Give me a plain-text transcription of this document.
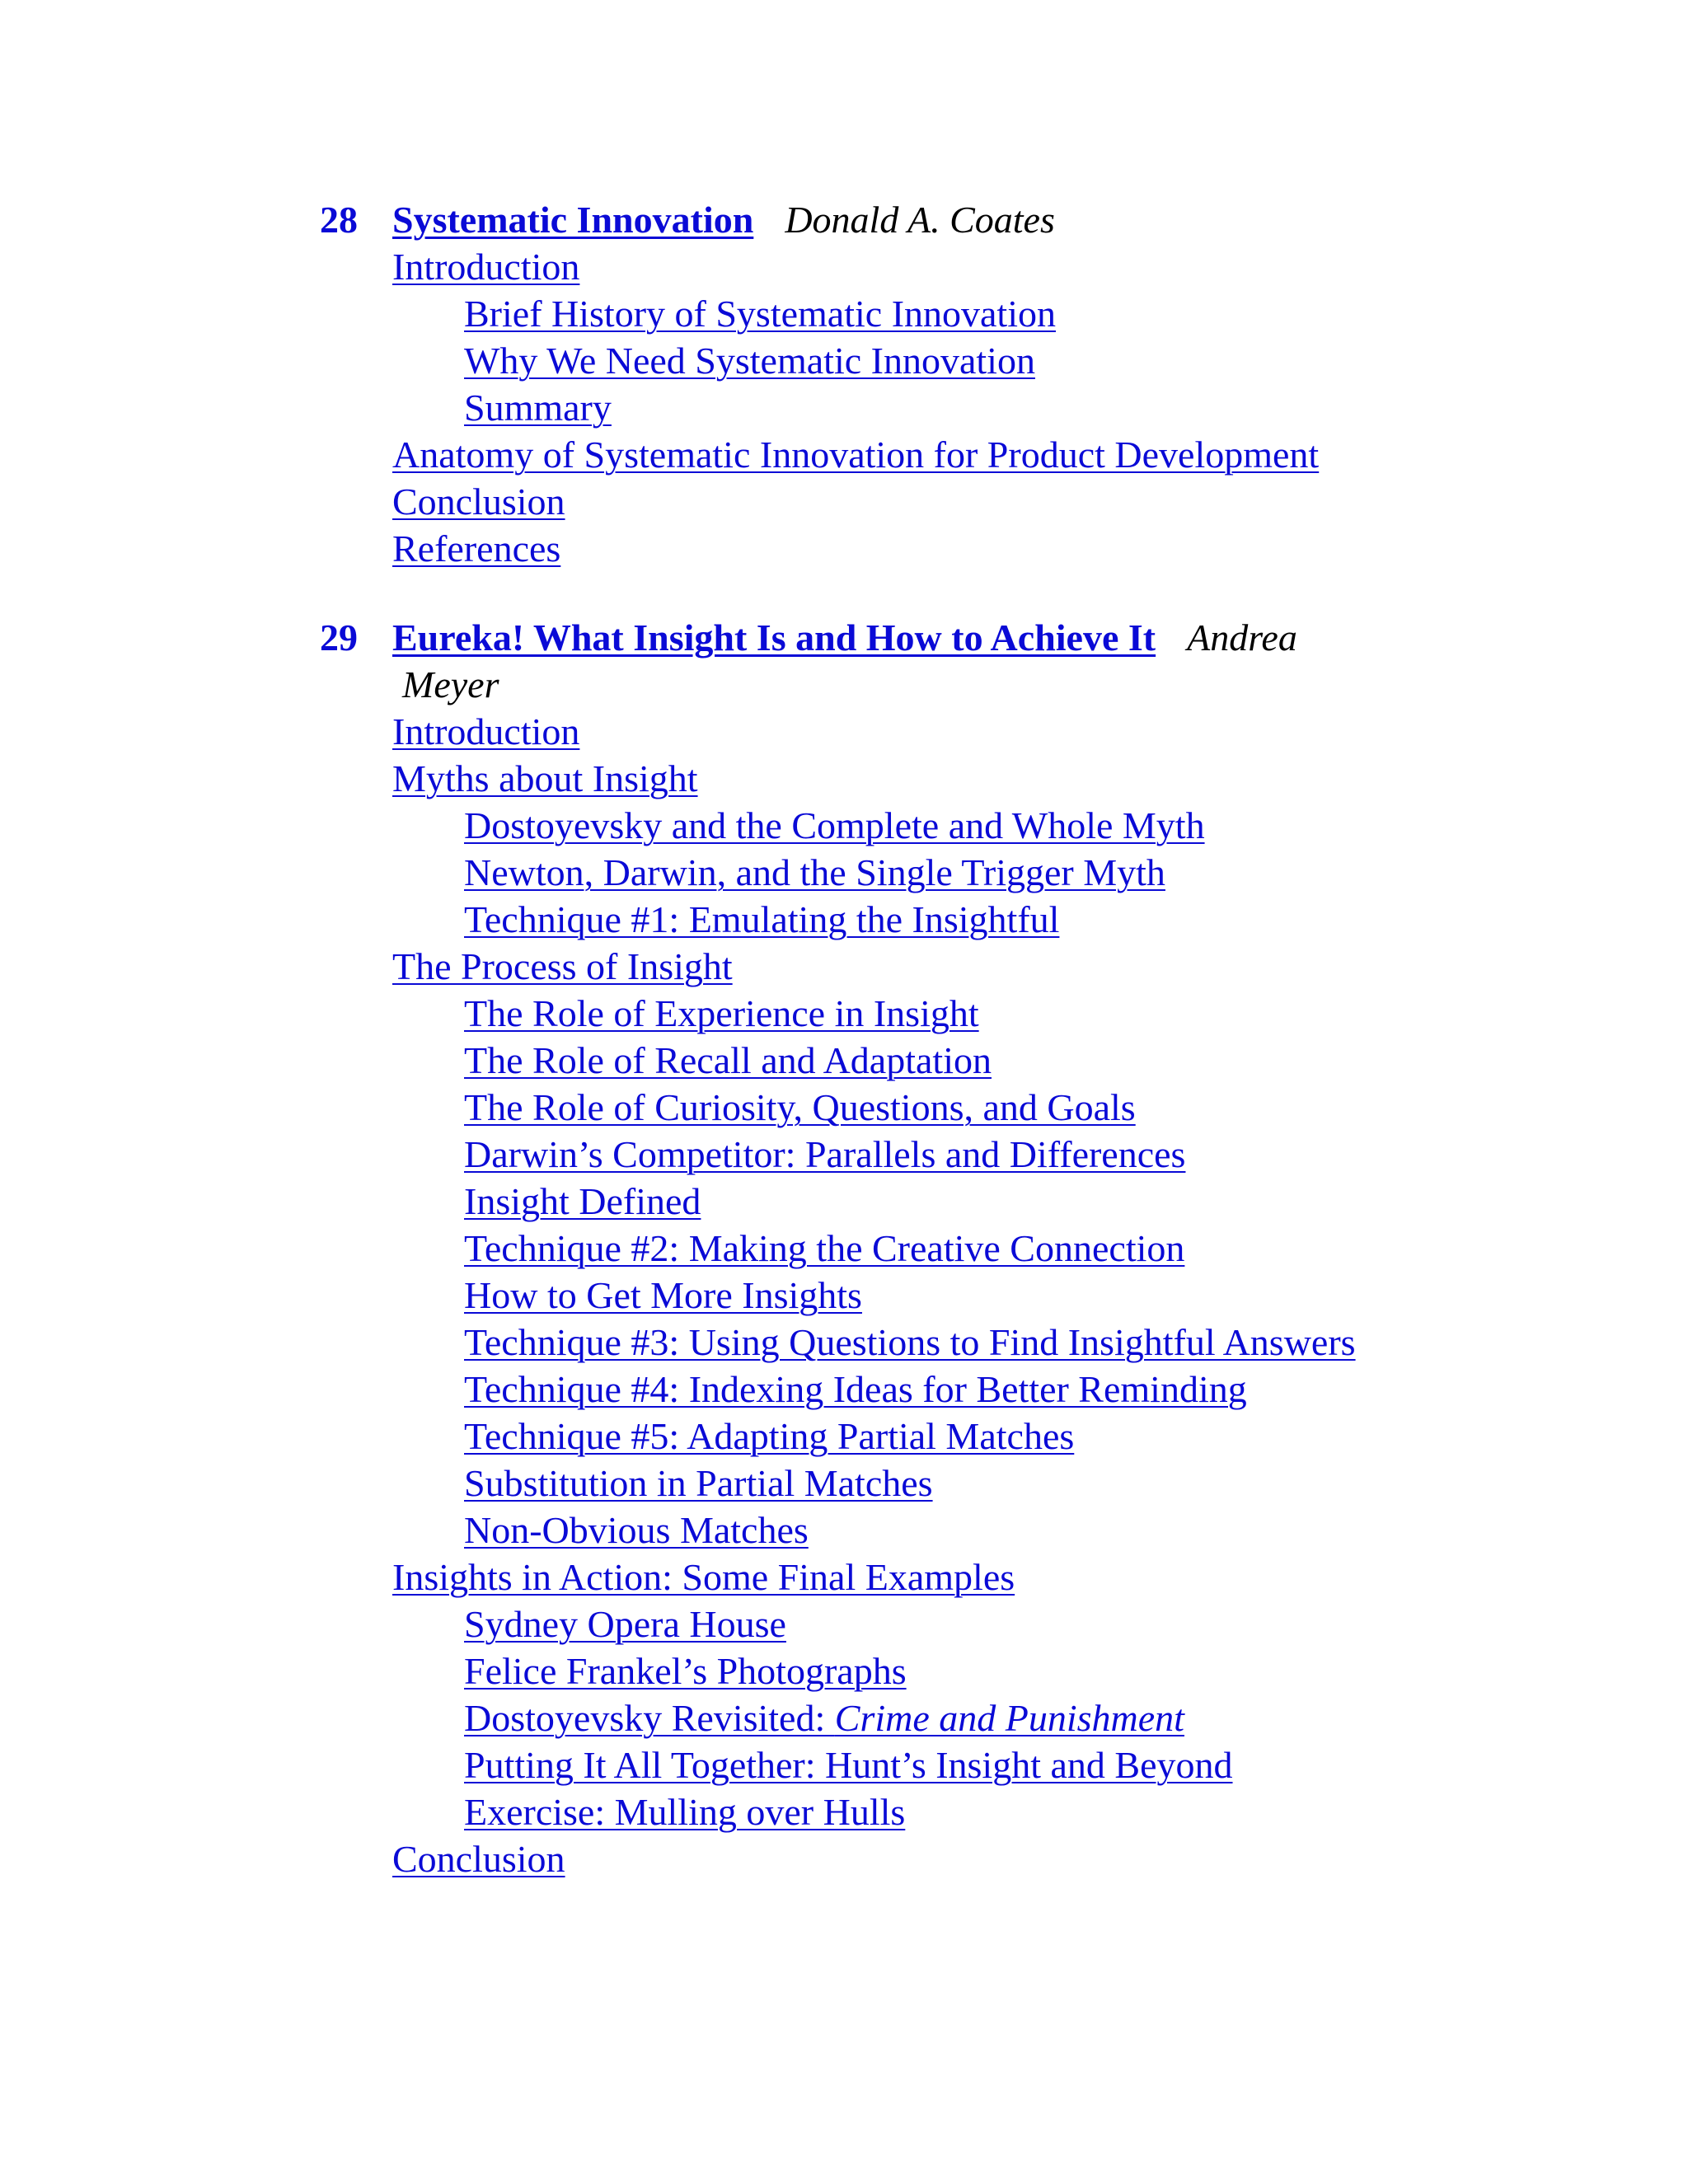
28 Systematic Innovation Donald A. Coates
Introduction
Brief History of Systematic Innovation
Why We Need Systematic Innovation
Summary
Anatomy of Systematic Innovation for Product Development
Conclusion
References
29 Eureka! What Insight Is and How to Achieve It Andrea
Meyer
Introduction
Myths about Insight
Dostoyevsky and the Complete and Whole Myth
Newton, Darwin, and the Single Trigger Myth
Technique #1: Emulating the Insightful
The Process of Insight
The Role of Experience in Insight
The Role of Recall and Adaptation
The Role of Curiosity, Questions, and Goals
Darwin’s Competitor: Parallels and Differences
Insight Defined
Technique #2: Making the Creative Connection
How to Get More Insights
Technique #3: Using Questions to Find Insightful Answers
Technique #4: Indexing Ideas for Better Reminding
Technique #5: Adapting Partial Matches
Substitution in Partial Matches
Non-Obvious Matches
Insights in Action: Some Final Examples
Sydney Opera House
Felice Frankel’s Photographs
Dostoyevsky Revisited: Crime and Punishment
Putting It All Together: Hunt’s Insight and Beyond
Exercise: Mulling over Hulls
Conclusion
